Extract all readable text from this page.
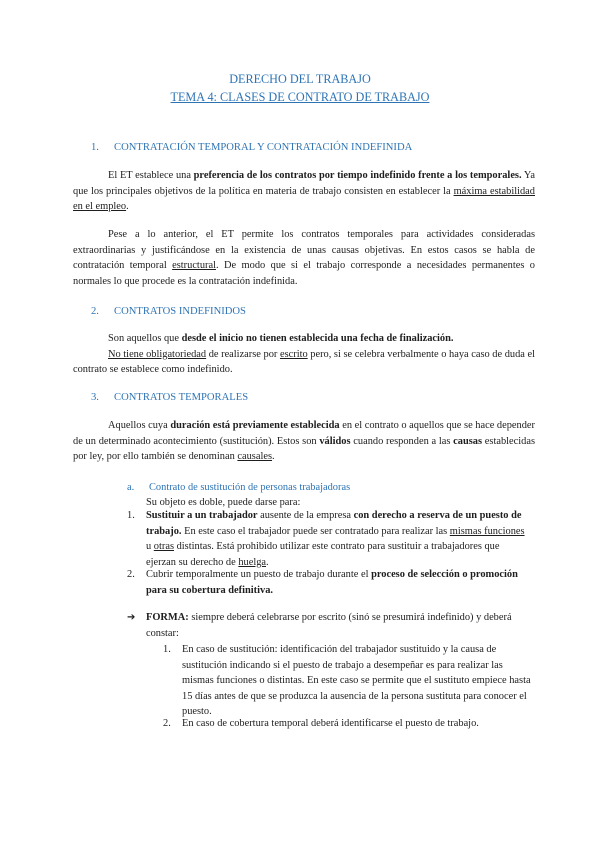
DERECHO DEL TRABAJO
TEMA 4: CLASES DE CONTRATO DE TRABAJO
1. CONTRATACIÓN TEMPORAL Y CONTRATACIÓN INDEFINIDA

El ET establece una preferencia de los contratos por tiempo indefinido frente a los temporales. Ya que los principales objetivos de la política en materia de trabajo consisten en establecer la máxima estabilidad en el empleo.

Pese a lo anterior, el ET permite los contratos temporales para actividades consideradas extraordinarias y justificándose en la existencia de unas causas objetivas. En estos casos se habla de contratación temporal estructural. De modo que si el trabajo corresponde a necesidades permanentes o normales lo que procede es la contratación indefinida.

2. CONTRATOS INDEFINIDOS

Son aquellos que desde el inicio no tienen establecida una fecha de finalización.

No tiene obligatoriedad de realizarse por escrito pero, si se celebra verbalmente o haya caso de duda el contrato se establece como indefinido.

3. CONTRATOS TEMPORALES

Aquellos cuya duración está previamente establecida en el contrato o aquellos que se hace depender de un determinado acontecimiento (sustitución). Estos son válidos cuando responden a las causas establecidas por ley, por ello también se denominan causales.

a. Contrato de sustitución de personas trabajadoras
Su objeto es doble, puede darse para:
1. Sustituir a un trabajador ausente de la empresa con derecho a reserva de un puesto de trabajo. En este caso el trabajador puede ser contratado para realizar las mismas funciones u otras distintas. Está prohibido utilizar este contrato para sustituir a trabajadores que ejerzan su derecho de huelga.
2. Cubrir temporalmente un puesto de trabajo durante el proceso de selección o promoción para su cobertura definitiva.
➔ FORMA: siempre deberá celebrarse por escrito (sinó se presumirá indefinido) y deberá constar:
1. En caso de sustitución: identificación del trabajador sustituido y la causa de sustitución indicando si el puesto de trabajo a desempeñar es para realizar las mismas funciones o distintas. En este caso se permite que el sustituto empiece hasta 15 días antes de que se produzca la ausencia de la persona sustituta para conocer el puesto.
2. En caso de cobertura temporal deberá identificarse el puesto de trabajo.
